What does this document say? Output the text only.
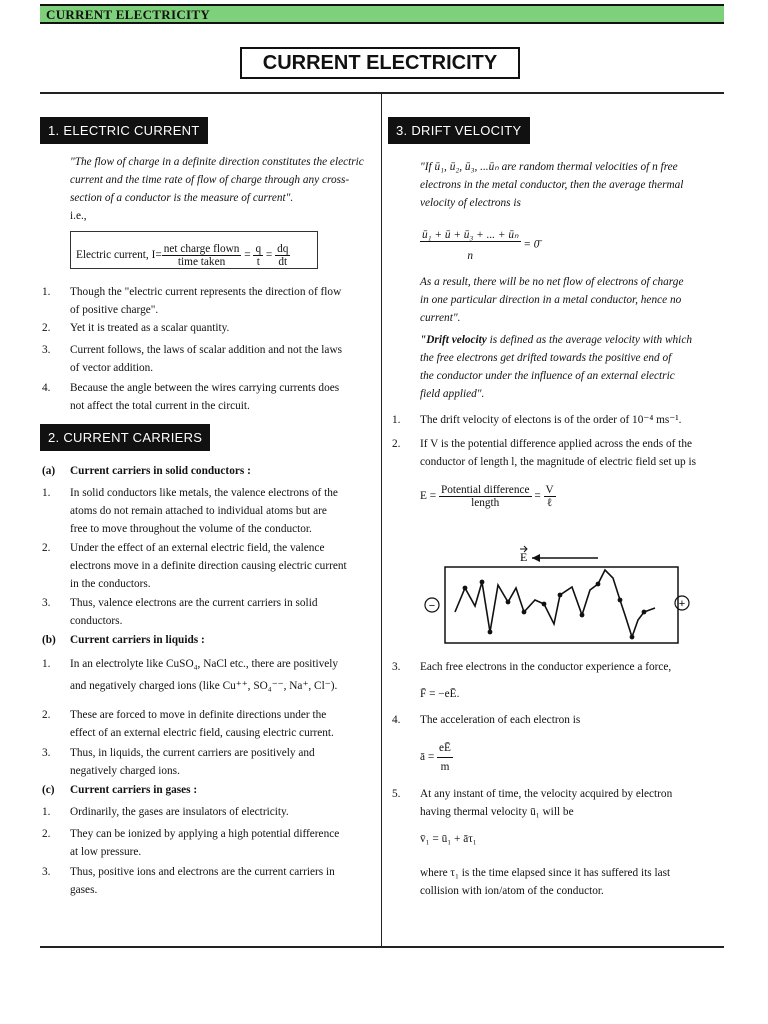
CURRENT ELECTRICITY
CURRENT ELECTRICITY
1. ELECTRIC CURRENT
"The flow of charge in a definite direction constitutes the electric current and the time rate of flow of charge through any cross-section of a conductor is the measure of current".
i.e.,
Electric current, $I= \frac{\text{net charge flown}}{\text{time taken}} = \frac{q}{t} = \frac{dq}{dt}$
1. Though the "electric current represents the direction of flow
of positive charge".
2. Yet it is treated as a scalar quantity.
3. Current follows, the laws of scalar addition and not the laws
of vector addition.
4. Because the angle between the wires carrying currents does
not affect the total current in the circuit.
2. CURRENT CARRIERS
(a) Current carriers in solid conductors :
1. In solid conductors like metals, the valence electrons of the
atoms do not remain attached to individual atoms but are
free to move throughout the volume of the conductor.
2. Under the effect of an external electric field, the valence
electrons move in a definite direction causing electric current
in the conductors.
3. Thus, valence electrons are the current carriers in solid
conductors.
(b) Current carriers in liquids :
1. In an electrolyte like CuSO₄, NaCl etc., there are positively
and negatively charged ions (like Cu⁺⁺, SO₄⁻⁻, Na⁺, Cl⁻).
2. These are forced to move in definite directions under the
effect of an external electric field, causing electric current.
3. Thus, in liquids, the current carriers are positively and
negatively charged ions.
(c) Current carriers in gases :
1. Ordinarily, the gases are insulators of electricity.
2. They can be ionized by applying a high potential difference
at low pressure.
3. Thus, positive ions and electrons are the current carriers in
gases.
3. DRIFT VELOCITY
"If ū₁, ū₂, ū₃, ...ūₙ are random thermal velocities of n free
electrons in the metal conductor, then the average thermal
velocity of electrons is
$\frac{\text{ū₁ + ū + ū₃ + ... + ūₙ}}{n}$ = 0̄
As a result, there will be no net flow of electrons of charge
in one particular direction in a metal conductor, hence no
current".
"Drift velocity is defined as the average velocity with which
the free electrons get drifted towards the positive end of
the conductor under the influence of an external electric
field applied".
1. The drift velocity of electons is of the order of 10⁻⁴ ms⁻¹.
2. If V is the potential difference applied across the ends of the
conductor of length l, the magnitude of electric field set up is
$E = \frac{\text{Potential difference}}{\text{length}} = \frac{V}{\text{ℓ}}$
E
−	+
3. Each free electrons in the conductor experience a force,
F̄ = −eĒ.
4. The acceleration of each electron is
ā = $\frac{eĒ}{m}$
5. At any instant of time, the velocity acquired by electron
having thermal velocity ū₁ will be
v̄₁ = ū₁ + āτ₁
where τ₁ is the time elapsed since it has suffered its last
collision with ion/atom of the conductor.
